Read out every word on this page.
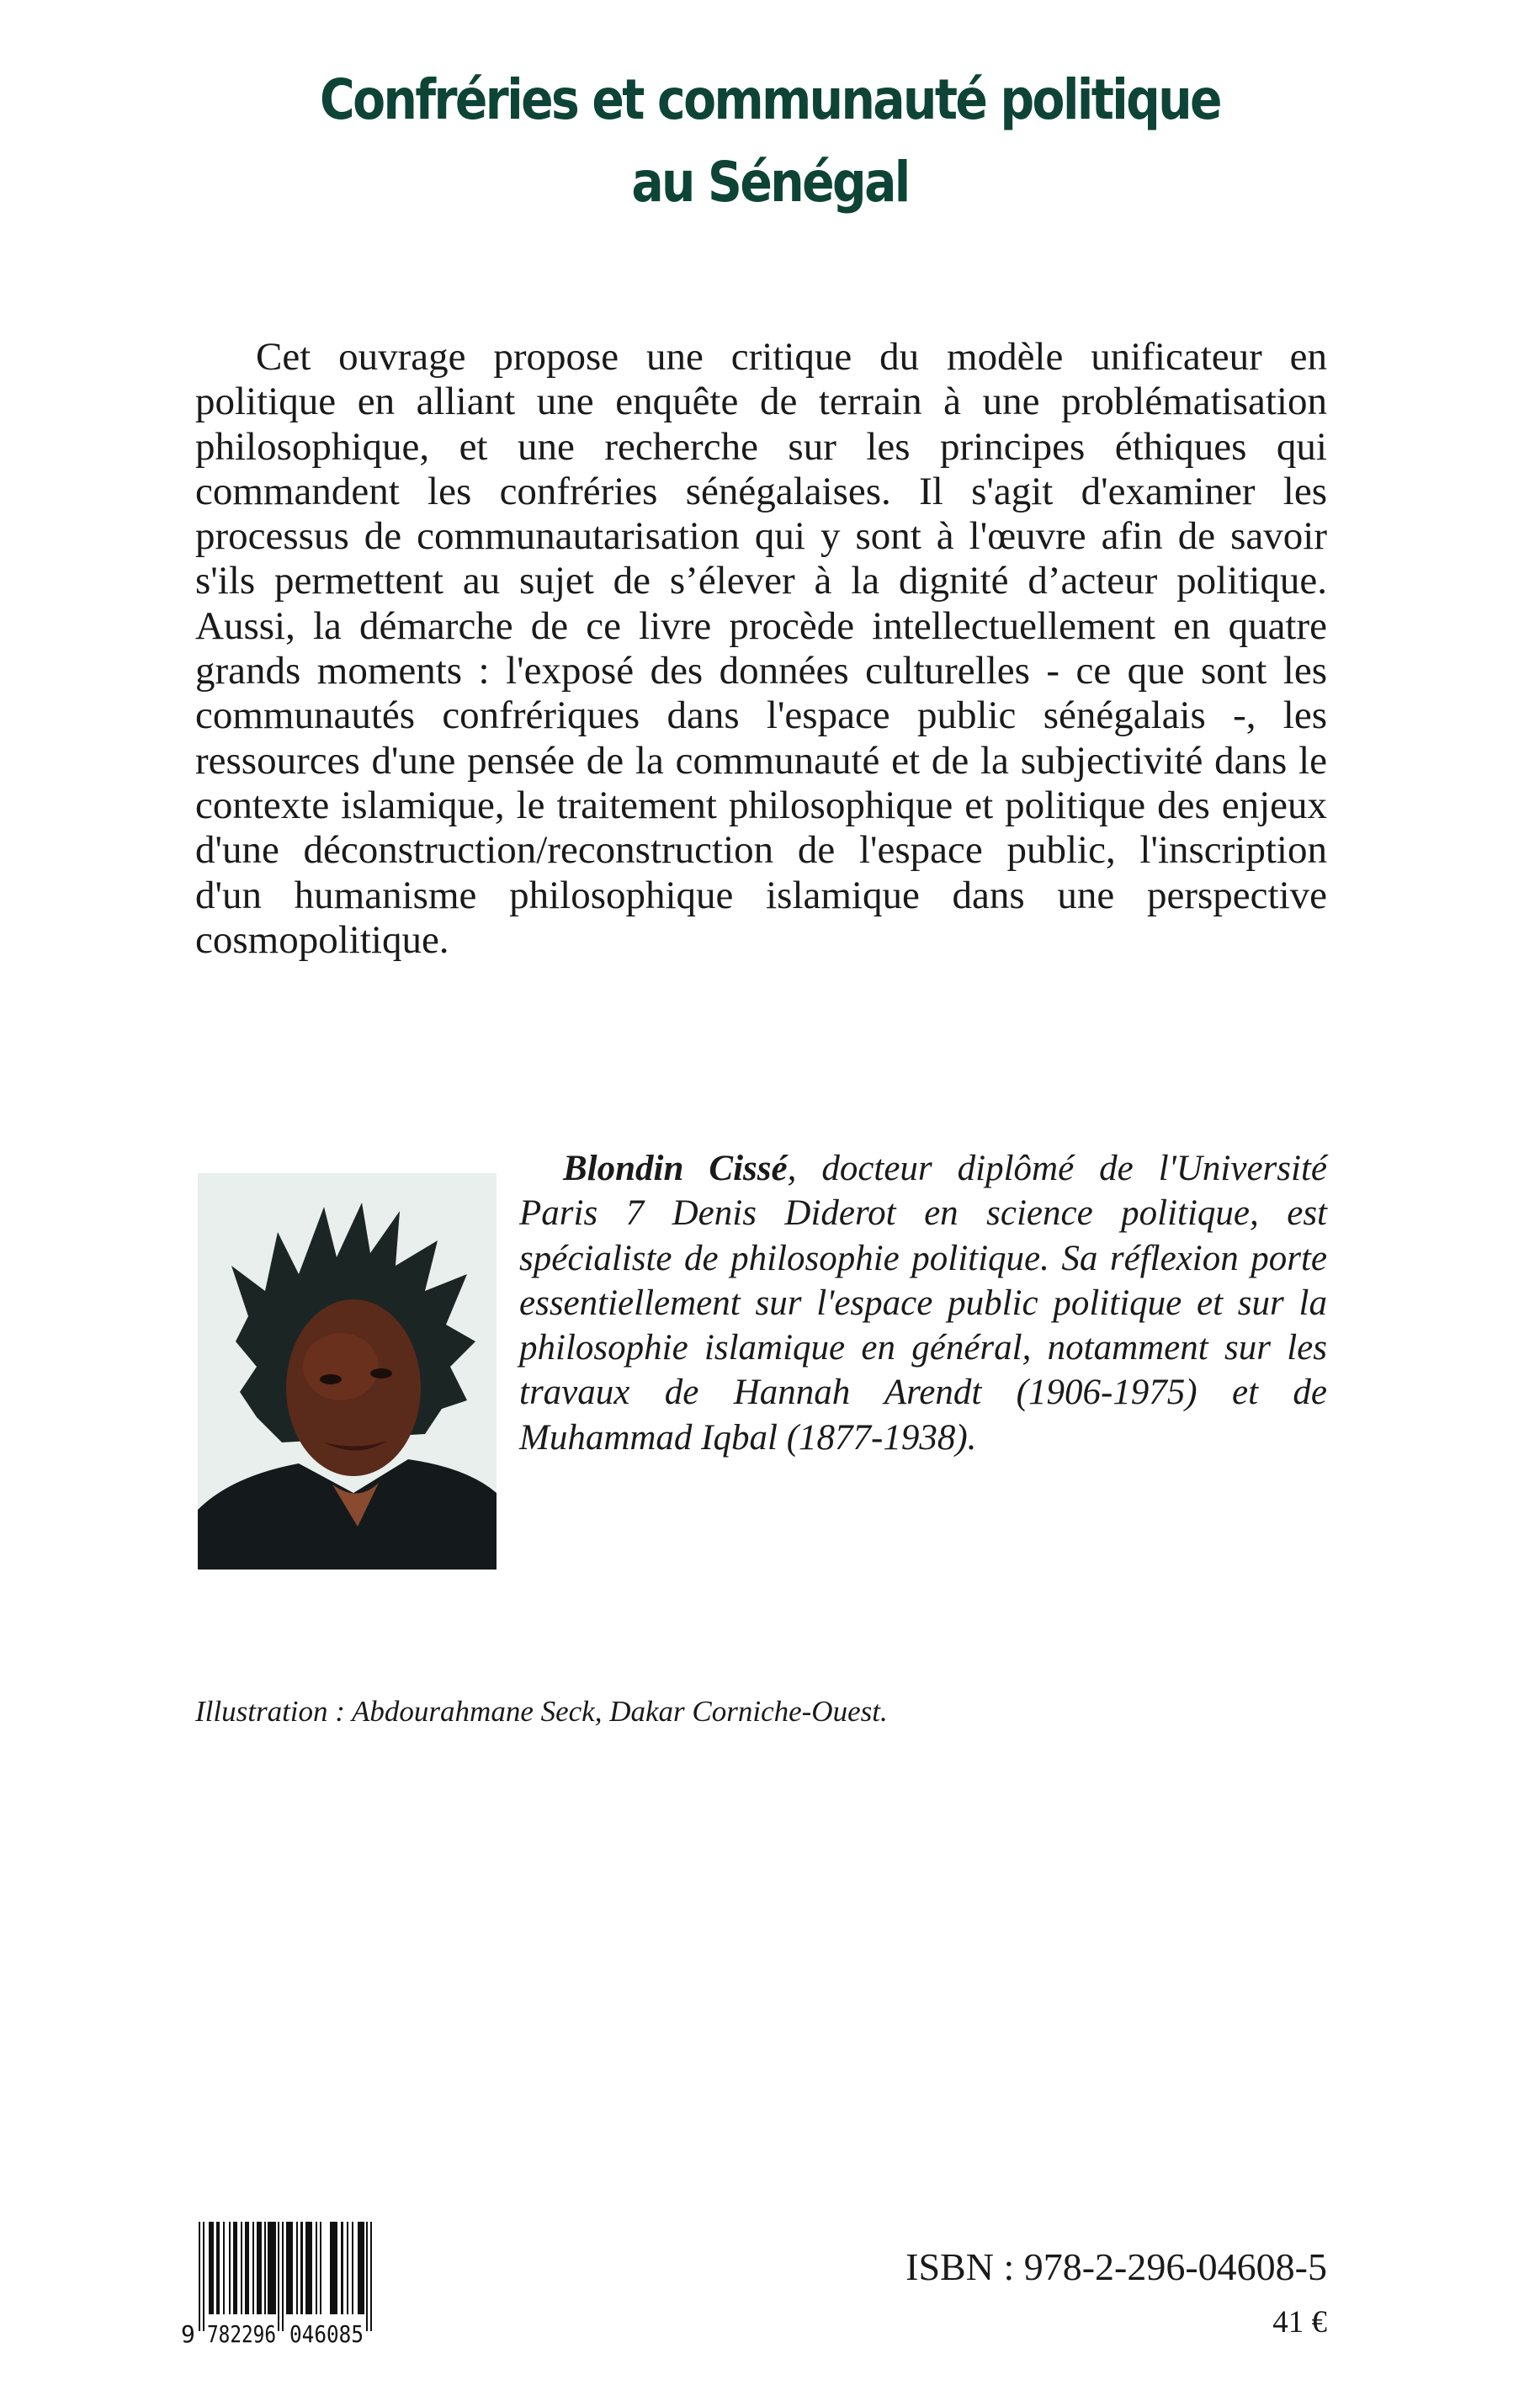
Confréries et communauté politique
au Sénégal

Cet ouvrage propose une critique du modèle unificateur en politique en alliant une enquête de terrain à une problématisation philosophique, et une recherche sur les principes éthiques qui commandent les confréries sénégalaises. Il s'agit d'examiner les processus de communautarisation qui y sont à l'œuvre afin de savoir s'ils permettent au sujet de s’élever à la dignité d’acteur politique. Aussi, la démarche de ce livre procède intellectuellement en quatre grands moments : l'exposé des données culturelles - ce que sont les communautés confrériques dans l'espace public sénégalais -, les ressources d'une pensée de la communauté et de la subjectivité dans le contexte islamique, le traitement philosophique et politique des enjeux d'une déconstruction/reconstruction de l'espace public, l'inscription d'un humanisme philosophique islamique dans une perspective cosmopolitique.

Blondin Cissé, docteur diplômé de l'Université Paris 7 Denis Diderot en science politique, est spécialiste de philosophie politique. Sa réflexion porte essentiellement sur l'espace public politique et sur la philosophie islamique en général, notamment sur les travaux de Hannah Arendt (1906-1975) et de Muhammad Iqbal (1877-1938).

Illustration : Abdourahmane Seck, Dakar Corniche-Ouest.
9 782296 046085
ISBN : 978-2-296-04608-5
41 €
